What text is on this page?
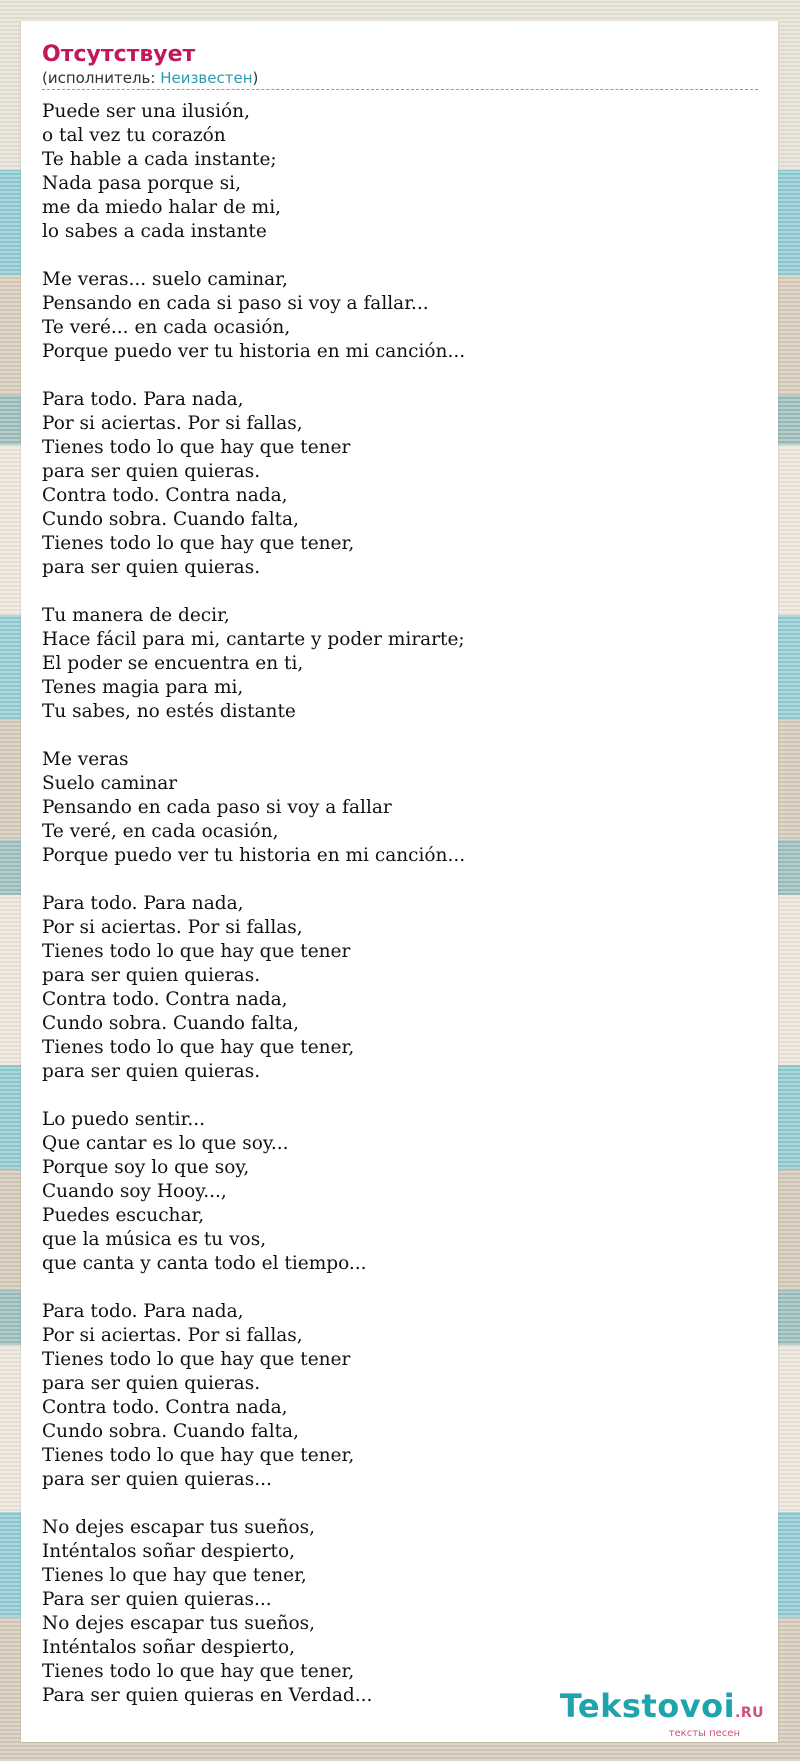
Отсутствует
(исполнитель: Неизвестен)
Puede ser una ilusión,
o tal vez tu corazón
Te hable a cada instante;
Nada pasa porque si,
me da miedo halar de mi,
lo sabes a cada instante
Me veras... suelo caminar,
Pensando en cada si paso si voy a fallar...
Te veré... en cada ocasión,
Porque puedo ver tu historia en mi canción...
Para todo. Para nada,
Por si aciertas. Por si fallas,
Tienes todo lo que hay que tener
para ser quien quieras.
Contra todo. Contra nada,
Cundo sobra. Cuando falta,
Tienes todo lo que hay que tener,
para ser quien quieras.
Tu manera de decir,
Hace fácil para mi, cantarte y poder mirarte;
El poder se encuentra en ti,
Tenes magia para mi,
Tu sabes, no estés distante
Me veras
Suelo caminar
Pensando en cada paso si voy a fallar
Te veré, en cada ocasión,
Porque puedo ver tu historia en mi canción...
Para todo. Para nada,
Por si aciertas. Por si fallas,
Tienes todo lo que hay que tener
para ser quien quieras.
Contra todo. Contra nada,
Cundo sobra. Cuando falta,
Tienes todo lo que hay que tener,
para ser quien quieras.
Lo puedo sentir...
Que cantar es lo que soy...
Porque soy lo que soy,
Cuando soy Hooy...,
Puedes escuchar,
que la música es tu vos,
que canta y canta todo el tiempo...
Para todo. Para nada,
Por si aciertas. Por si fallas,
Tienes todo lo que hay que tener
para ser quien quieras.
Contra todo. Contra nada,
Cundo sobra. Cuando falta,
Tienes todo lo que hay que tener,
para ser quien quieras...
No dejes escapar tus sueños,
Inténtalos soñar despierto,
Tienes lo que hay que tener,
Para ser quien quieras...
No dejes escapar tus sueños,
Inténtalos soñar despierto,
Tienes todo lo que hay que tener,
Para ser quien quieras en Verdad...	Tekstovoi.RU
тексты песен
